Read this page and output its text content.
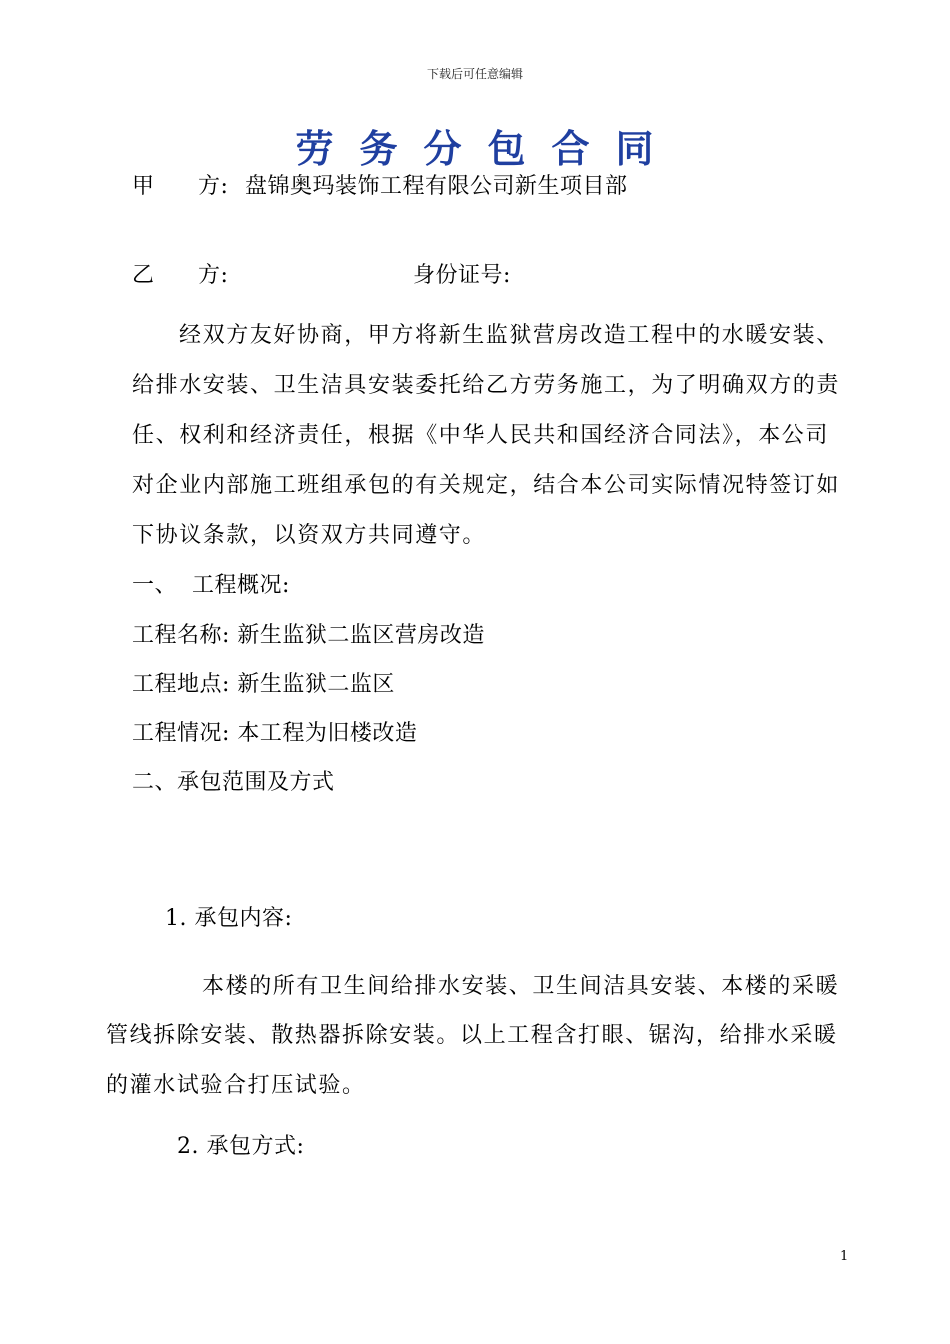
下载后可任意编辑
劳务分包合同
甲 方: 盘锦奥玛装饰工程有限公司新生项目部
乙 方:	身份证号:
经双方友好协商，甲方将新生监狱营房改造工程中的水暖安装、
给排水安装、卫生洁具安装委托给乙方劳务施工，为了明确双方的责
任、权利和经济责任，根据《中华人民共和国经济合同法》，本公司
对企业内部施工班组承包的有关规定，结合本公司实际情况特签订如
下协议条款，以资双方共同遵守。
一、 工程概况:
工程名称: 新生监狱二监区营房改造
工程地点: 新生监狱二监区
工程情况: 本工程为旧楼改造
二、承包范围及方式
1. 承包内容:
本楼的所有卫生间给排水安装、卫生间洁具安装、本楼的采暖
管线拆除安装、散热器拆除安装。以上工程含打眼、锯沟，给排水采暖
的灌水试验合打压试验。
2. 承包方式:
1
